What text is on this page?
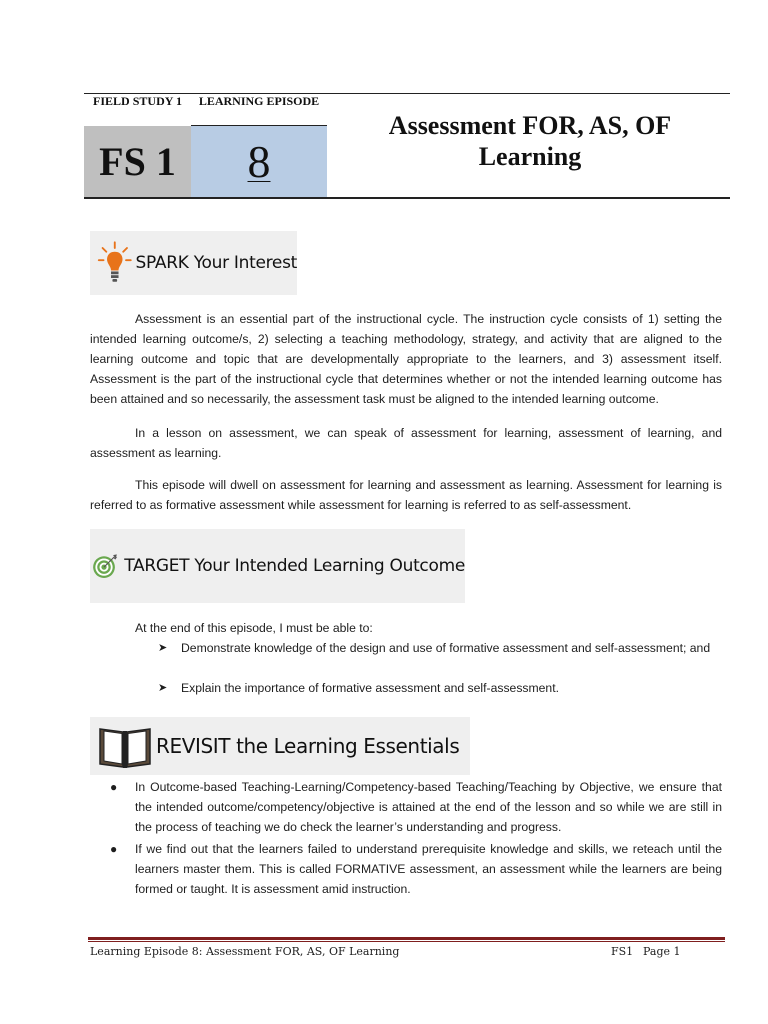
FIELD STUDY 1	LEARNING EPISODE
FS 1	8
Assessment FOR, AS, OF Learning
SPARK Your Interest
Assessment is an essential part of the instructional cycle. The instruction cycle consists of 1) setting the intended learning outcome/s, 2) selecting a teaching methodology, strategy, and activity that are aligned to the learning outcome and topic that are developmentally appropriate to the learners, and 3) assessment itself. Assessment is the part of the instructional cycle that determines whether or not the intended learning outcome has been attained and so necessarily, the assessment task must be aligned to the intended learning outcome.
In a lesson on assessment, we can speak of assessment for learning, assessment of learning, and assessment as learning.
This episode will dwell on assessment for learning and assessment as learning. Assessment for learning is referred to as formative assessment while assessment for learning is referred to as self-assessment.
TARGET Your Intended Learning Outcome
At the end of this episode, I must be able to:
➤ Demonstrate knowledge of the design and use of formative assessment and self-assessment; and
➤ Explain the importance of formative assessment and self-assessment.
REVISIT the Learning Essentials
● In Outcome-based Teaching-Learning/Competency-based Teaching/Teaching by Objective, we ensure that the intended outcome/competency/objective is attained at the end of the lesson and so while we are still in the process of teaching we do check the learner’s understanding and progress.
● If we find out that the learners failed to understand prerequisite knowledge and skills, we reteach until the learners master them. This is called FORMATIVE assessment, an assessment while the learners are being formed or taught. It is assessment amid instruction.
Learning Episode 8: Assessment FOR, AS, OF Learning	FS1 Page 1
